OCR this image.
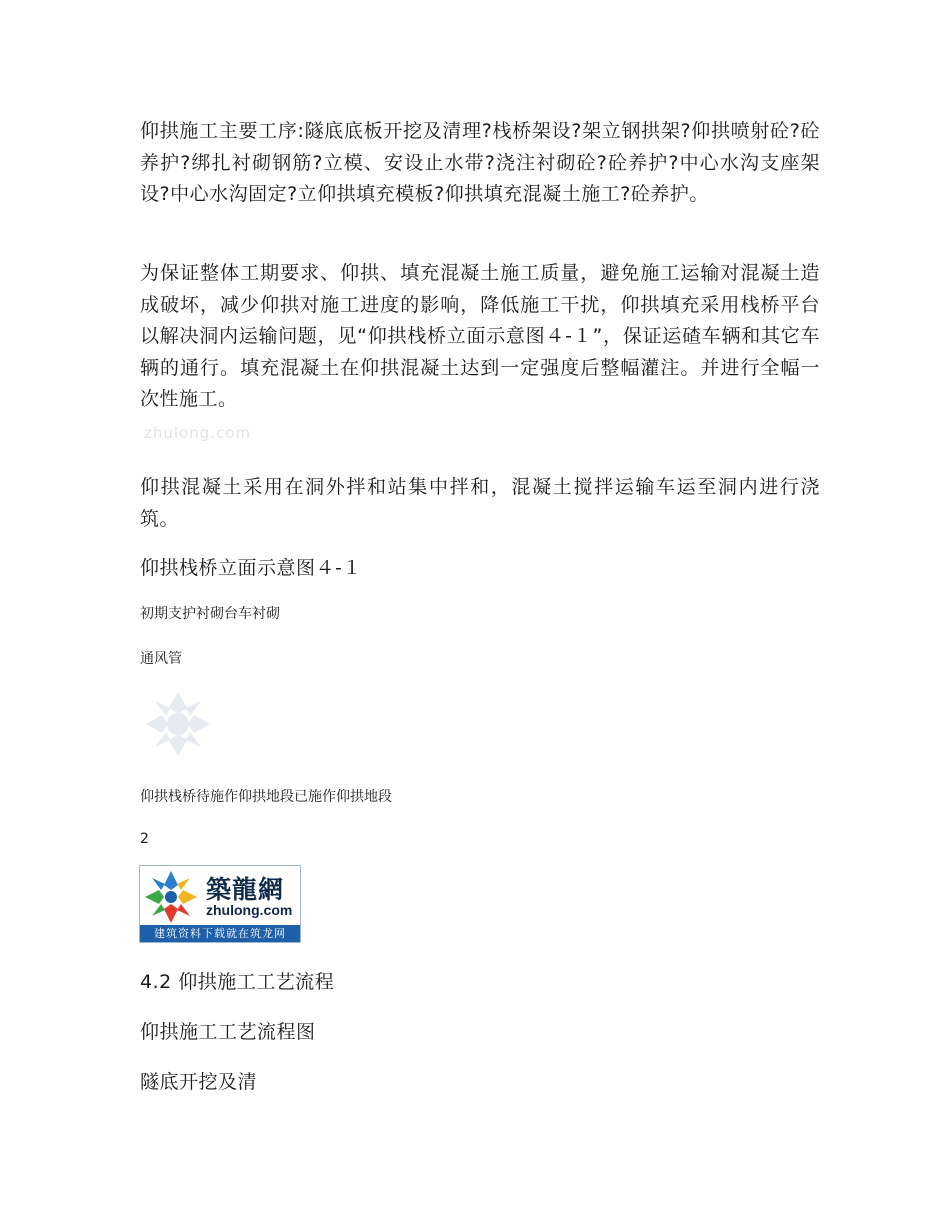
仰拱施工主要工序:隧底底板开挖及清理?栈桥架设?架立钢拱架?仰拱喷射砼?砼养护?绑扎衬砌钢筋?立模、安设止水带?浇注衬砌砼?砼养护?中心水沟支座架设?中心水沟固定?立仰拱填充模板?仰拱填充混凝土施工?砼养护。

为保证整体工期要求、仰拱、填充混凝土施工质量，避免施工运输对混凝土造成破坏，减少仰拱对施工进度的影响，降低施工干扰，仰拱填充采用栈桥平台以解决洞内运输问题，见“仰拱栈桥立面示意图４-１”，保证运碴车辆和其它车辆的通行。填充混凝土在仰拱混凝土达到一定强度后整幅灌注。并进行全幅一次性施工。

zhulong.com

仰拱混凝土采用在洞外拌和站集中拌和，混凝土搅拌运输车运至洞内进行浇筑。

仰拱栈桥立面示意图４-１
初期支护衬砌台车衬砌
通风管
仰拱栈桥待施作仰拱地段已施作仰拱地段
2
築龍網
zhulong.com
建筑资料下载就在筑龙网
4.2 仰拱施工工艺流程
仰拱施工工艺流程图
隧底开挖及清
